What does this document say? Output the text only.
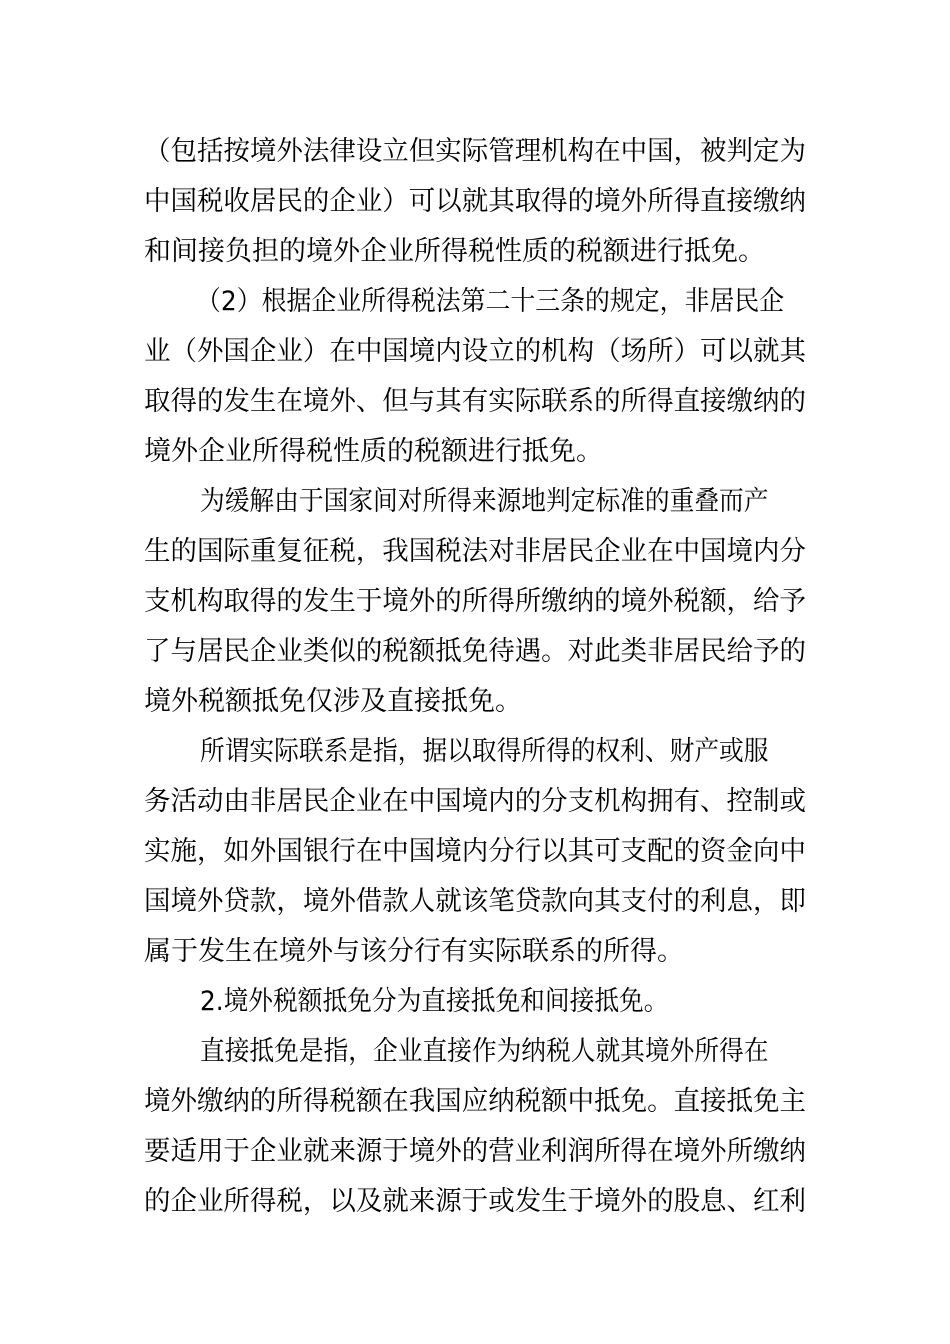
（包括按境外法律设立但实际管理机构在中国，被判定为
中国税收居民的企业）可以就其取得的境外所得直接缴纳
和间接负担的境外企业所得税性质的税额进行抵免。
（2）根据企业所得税法第二十三条的规定，非居民企
业（外国企业）在中国境内设立的机构（场所）可以就其
取得的发生在境外、但与其有实际联系的所得直接缴纳的
境外企业所得税性质的税额进行抵免。
为缓解由于国家间对所得来源地判定标准的重叠而产
生的国际重复征税，我国税法对非居民企业在中国境内分
支机构取得的发生于境外的所得所缴纳的境外税额，给予
了与居民企业类似的税额抵免待遇。对此类非居民给予的
境外税额抵免仅涉及直接抵免。
所谓实际联系是指，据以取得所得的权利、财产或服
务活动由非居民企业在中国境内的分支机构拥有、控制或
实施，如外国银行在中国境内分行以其可支配的资金向中
国境外贷款，境外借款人就该笔贷款向其支付的利息，即
属于发生在境外与该分行有实际联系的所得。
2.境外税额抵免分为直接抵免和间接抵免。
直接抵免是指，企业直接作为纳税人就其境外所得在
境外缴纳的所得税额在我国应纳税额中抵免。直接抵免主
要适用于企业就来源于境外的营业利润所得在境外所缴纳
的企业所得税，以及就来源于或发生于境外的股息、红利
